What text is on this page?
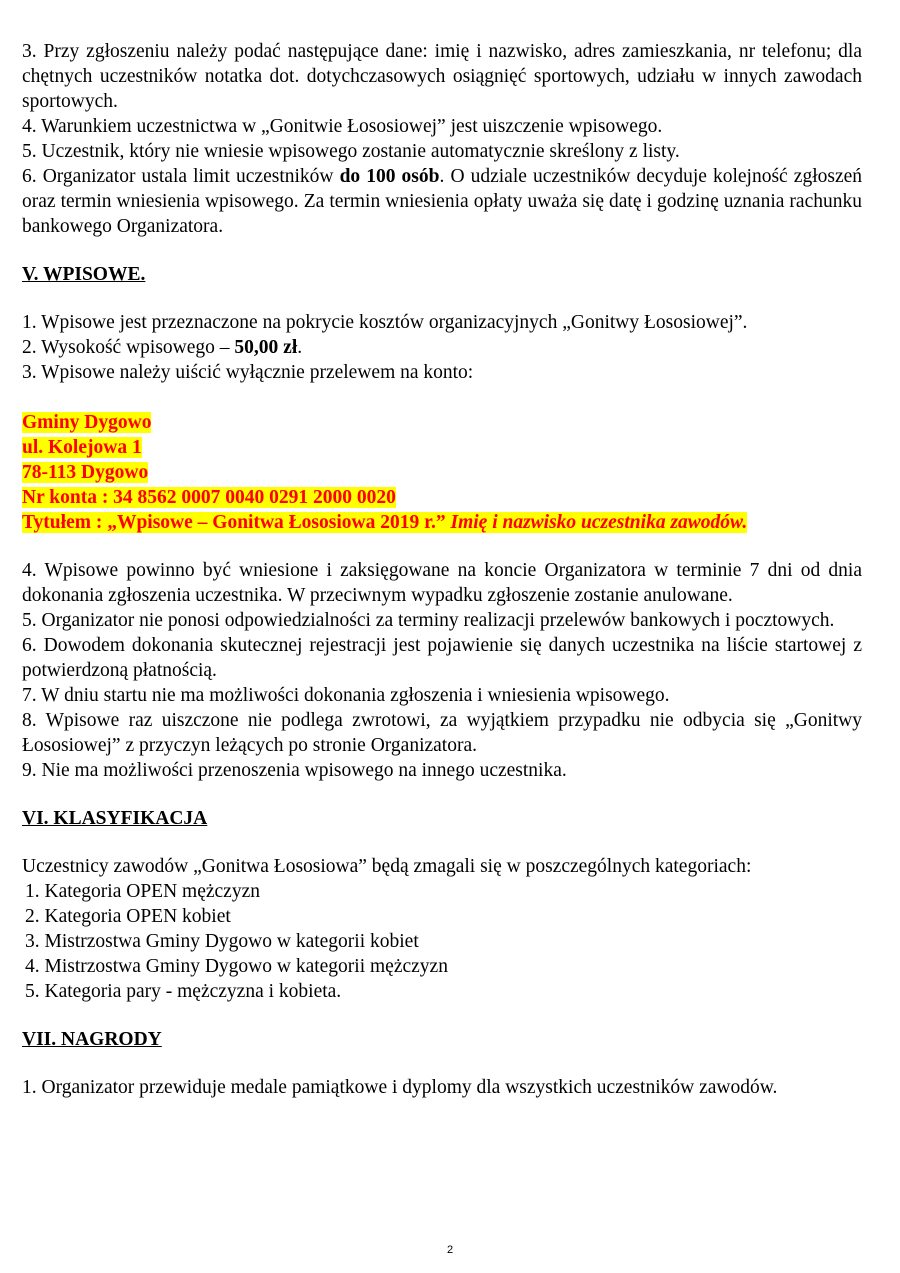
3. Przy zgłoszeniu należy podać następujące dane: imię i nazwisko, adres zamieszkania, nr telefonu; dla chętnych uczestników notatka dot. dotychczasowych osiągnięć sportowych, udziału w innych zawodach sportowych.

4. Warunkiem uczestnictwa w „Gonitwie Łososiowej” jest uiszczenie wpisowego.

5. Uczestnik, który nie wniesie wpisowego zostanie automatycznie skreślony z listy.

6. Organizator ustala limit uczestników do 100 osób. O udziale uczestników decyduje kolejność zgłoszeń oraz termin wniesienia wpisowego. Za termin wniesienia opłaty uważa się datę i godzinę uznania rachunku bankowego Organizatora.

V. WPISOWE.

1. Wpisowe jest przeznaczone na pokrycie kosztów organizacyjnych „Gonitwy Łososiowej”.

2. Wysokość wpisowego – 50,00 zł.

3. Wpisowe należy uiścić wyłącznie przelewem na konto:

Gminy Dygowo
ul. Kolejowa 1
78-113 Dygowo
Nr konta : 34 8562 0007 0040 0291 2000 0020
Tytułem : „Wpisowe – Gonitwa Łososiowa 2019 r.” Imię i nazwisko uczestnika zawodów.

4. Wpisowe powinno być wniesione i zaksięgowane na koncie Organizatora w terminie 7 dni od dnia dokonania zgłoszenia uczestnika. W przeciwnym wypadku zgłoszenie zostanie anulowane.

5. Organizator nie ponosi odpowiedzialności za terminy realizacji przelewów bankowych i pocztowych.

6. Dowodem dokonania skutecznej rejestracji jest pojawienie się danych uczestnika na liście startowej z potwierdzoną płatnością.

7. W dniu startu nie ma możliwości dokonania zgłoszenia i wniesienia wpisowego.

8. Wpisowe raz uiszczone nie podlega zwrotowi, za wyjątkiem przypadku nie odbycia się „Gonitwy Łososiowej” z przyczyn leżących po stronie Organizatora.

9. Nie ma możliwości przenoszenia wpisowego na innego uczestnika.

VI. KLASYFIKACJA

Uczestnicy zawodów „Gonitwa Łososiowa” będą zmagali się w poszczególnych kategoriach:

1. Kategoria OPEN mężczyzn
2. Kategoria OPEN kobiet
3. Mistrzostwa Gminy Dygowo w kategorii kobiet
4. Mistrzostwa Gminy Dygowo w kategorii mężczyzn
5. Kategoria pary - mężczyzna i kobieta.

VII. NAGRODY

1. Organizator przewiduje medale pamiątkowe i dyplomy dla wszystkich uczestników zawodów.

2
